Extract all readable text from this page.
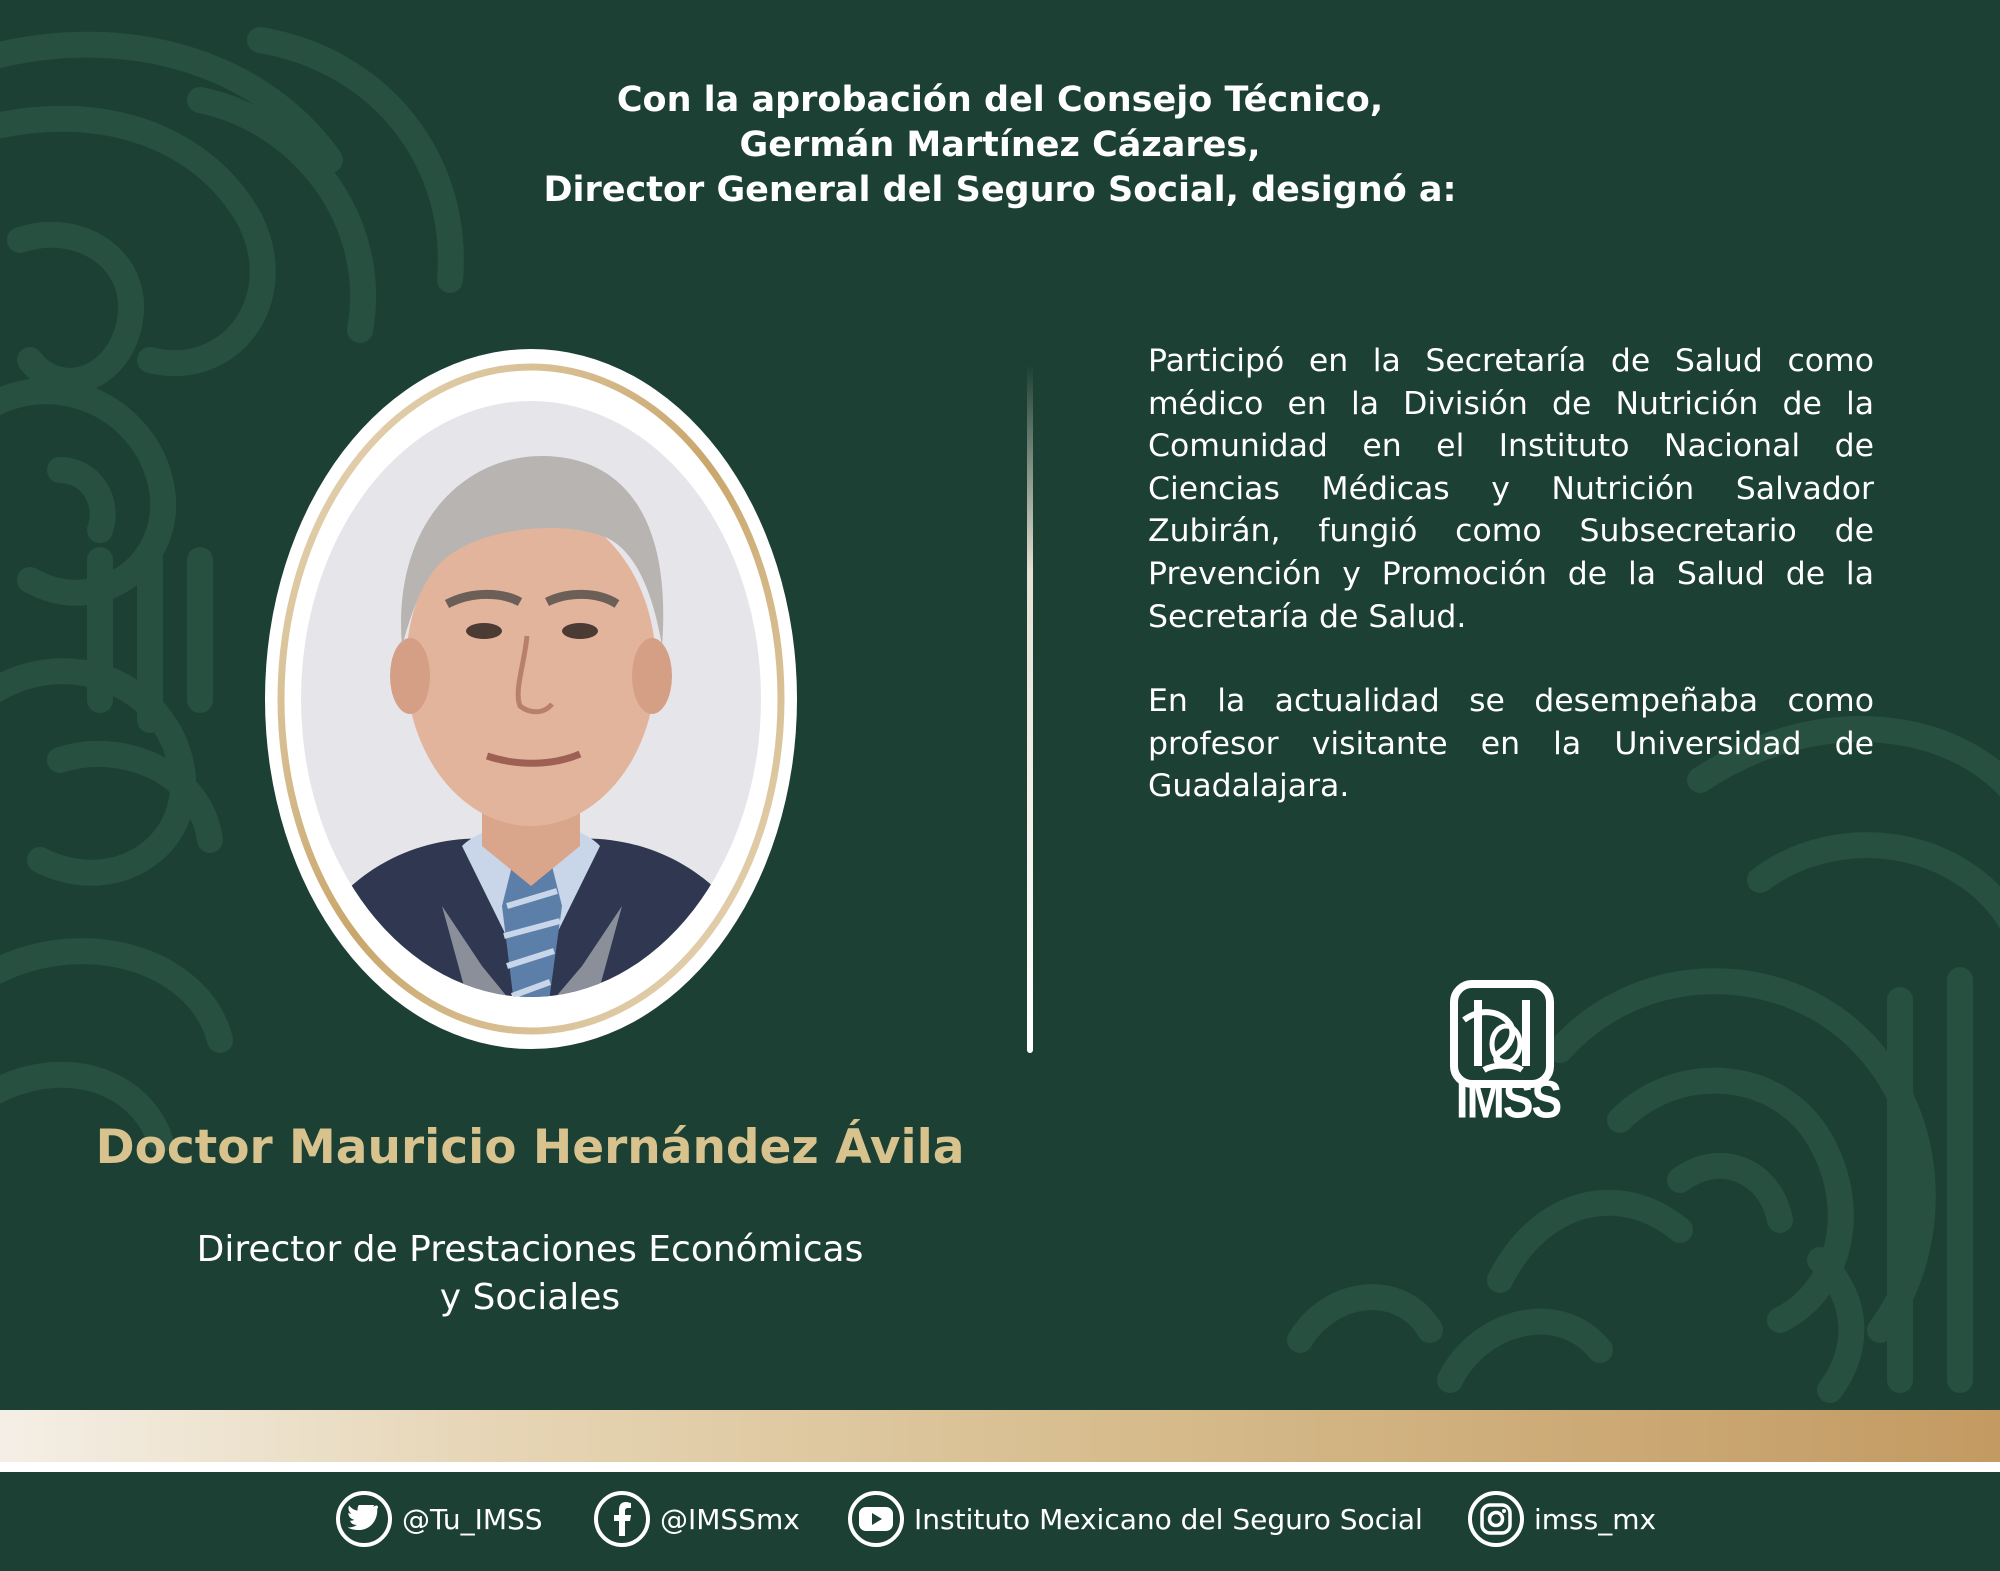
Con la aprobación del Consejo Técnico,
Germán Martínez Cázares,
Director General del Seguro Social, designó a:

Participó en la Secretaría de Salud como médico en la División de Nutrición de la Comunidad en el Instituto Nacional de Ciencias Médicas y Nutrición Salvador Zubirán, fungió como Subsecretario de Prevención y Promoción de la Salud de la Secretaría de Salud.

En la actualidad se desempeñaba como profesor visitante en la Universidad de Guadalajara.

IMSS
Doctor Mauricio Hernández Ávila
Director de Prestaciones Económicas
y Sociales
@Tu_IMSS	@IMSSmx	Instituto Mexicano del Seguro Social	imss_mx
